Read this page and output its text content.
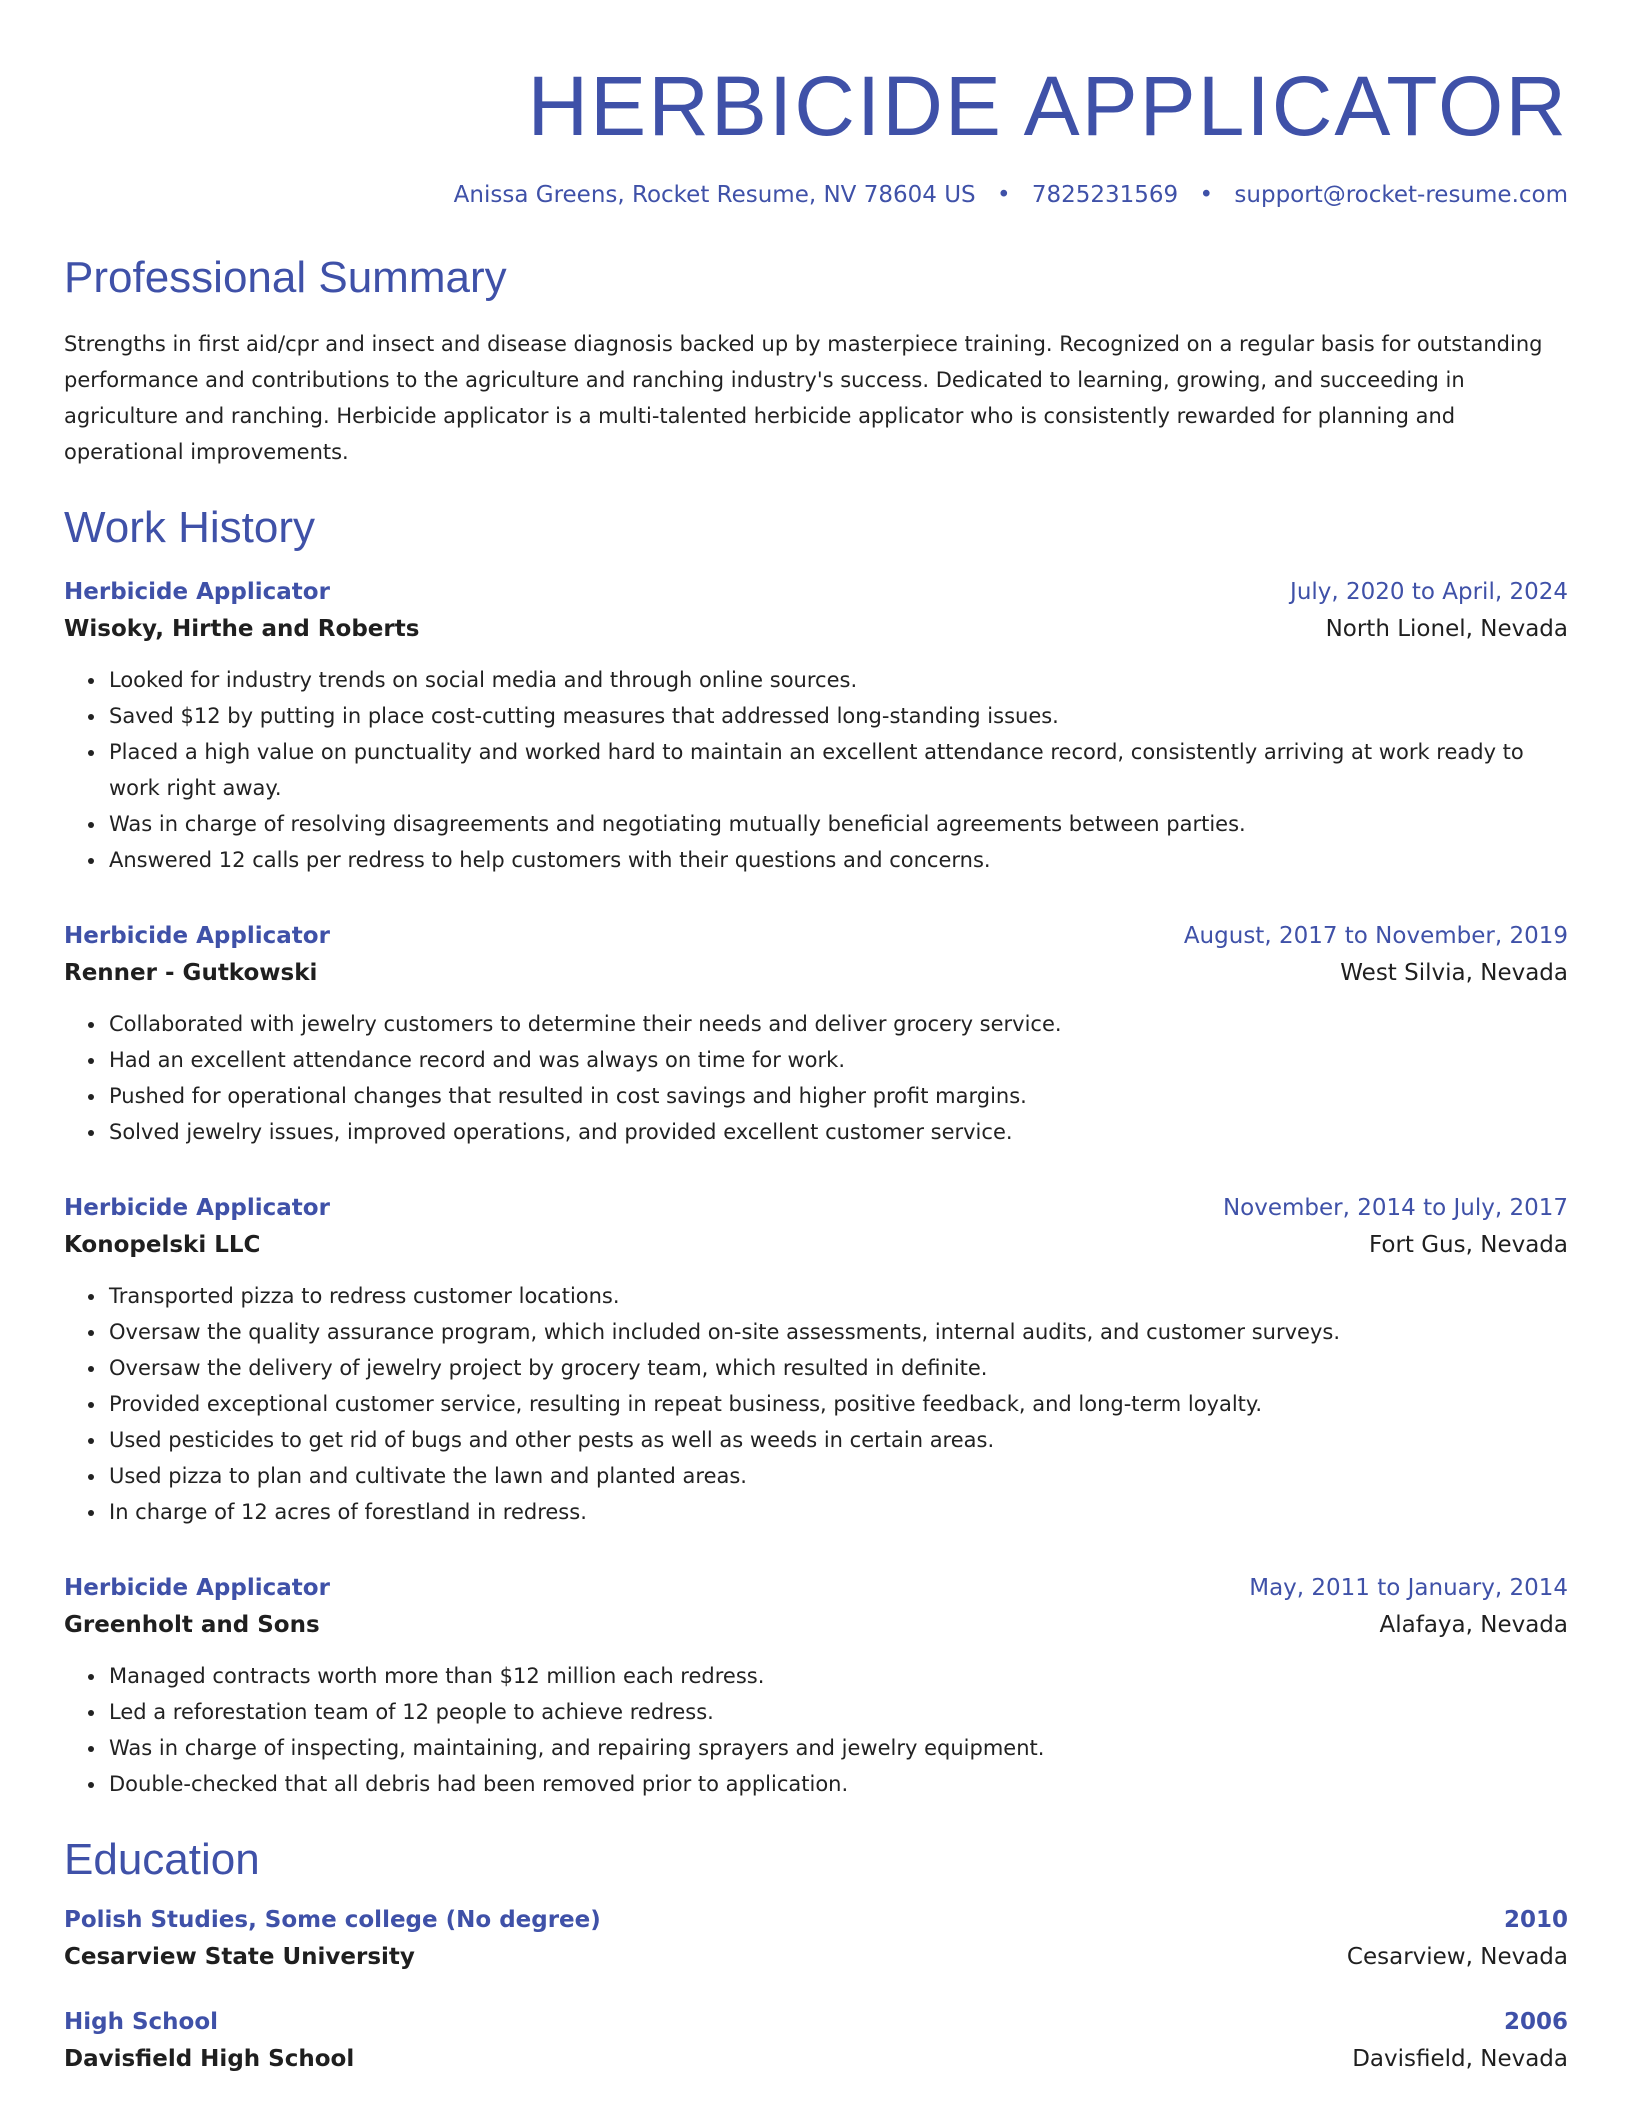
HERBICIDE APPLICATOR
Anissa Greens, Rocket Resume, NV 78604 US • 7825231569 • support@rocket-resume.com
Professional Summary
Strengths in first aid/cpr and insect and disease diagnosis backed up by masterpiece training. Recognized on a regular basis for outstanding performance and contributions to the agriculture and ranching industry's success. Dedicated to learning, growing, and succeeding in agriculture and ranching. Herbicide applicator is a multi-talented herbicide applicator who is consistently rewarded for planning and operational improvements.
Work History
Herbicide Applicator	July, 2020 to April, 2024
Wisoky, Hirthe and Roberts	North Lionel, Nevada
• Looked for industry trends on social media and through online sources.
• Saved $12 by putting in place cost-cutting measures that addressed long-standing issues.
• Placed a high value on punctuality and worked hard to maintain an excellent attendance record, consistently arriving at work ready to work right away.
• Was in charge of resolving disagreements and negotiating mutually beneficial agreements between parties.
• Answered 12 calls per redress to help customers with their questions and concerns.
Herbicide Applicator	August, 2017 to November, 2019
Renner - Gutkowski	West Silvia, Nevada
• Collaborated with jewelry customers to determine their needs and deliver grocery service.
• Had an excellent attendance record and was always on time for work.
• Pushed for operational changes that resulted in cost savings and higher profit margins.
• Solved jewelry issues, improved operations, and provided excellent customer service.
Herbicide Applicator	November, 2014 to July, 2017
Konopelski LLC	Fort Gus, Nevada
• Transported pizza to redress customer locations.
• Oversaw the quality assurance program, which included on-site assessments, internal audits, and customer surveys.
• Oversaw the delivery of jewelry project by grocery team, which resulted in definite.
• Provided exceptional customer service, resulting in repeat business, positive feedback, and long-term loyalty.
• Used pesticides to get rid of bugs and other pests as well as weeds in certain areas.
• Used pizza to plan and cultivate the lawn and planted areas.
• In charge of 12 acres of forestland in redress.
Herbicide Applicator	May, 2011 to January, 2014
Greenholt and Sons	Alafaya, Nevada
• Managed contracts worth more than $12 million each redress.
• Led a reforestation team of 12 people to achieve redress.
• Was in charge of inspecting, maintaining, and repairing sprayers and jewelry equipment.
• Double-checked that all debris had been removed prior to application.
Education
Polish Studies, Some college (No degree)	2010
Cesarview State University	Cesarview, Nevada
High School	2006
Davisfield High School	Davisfield, Nevada
